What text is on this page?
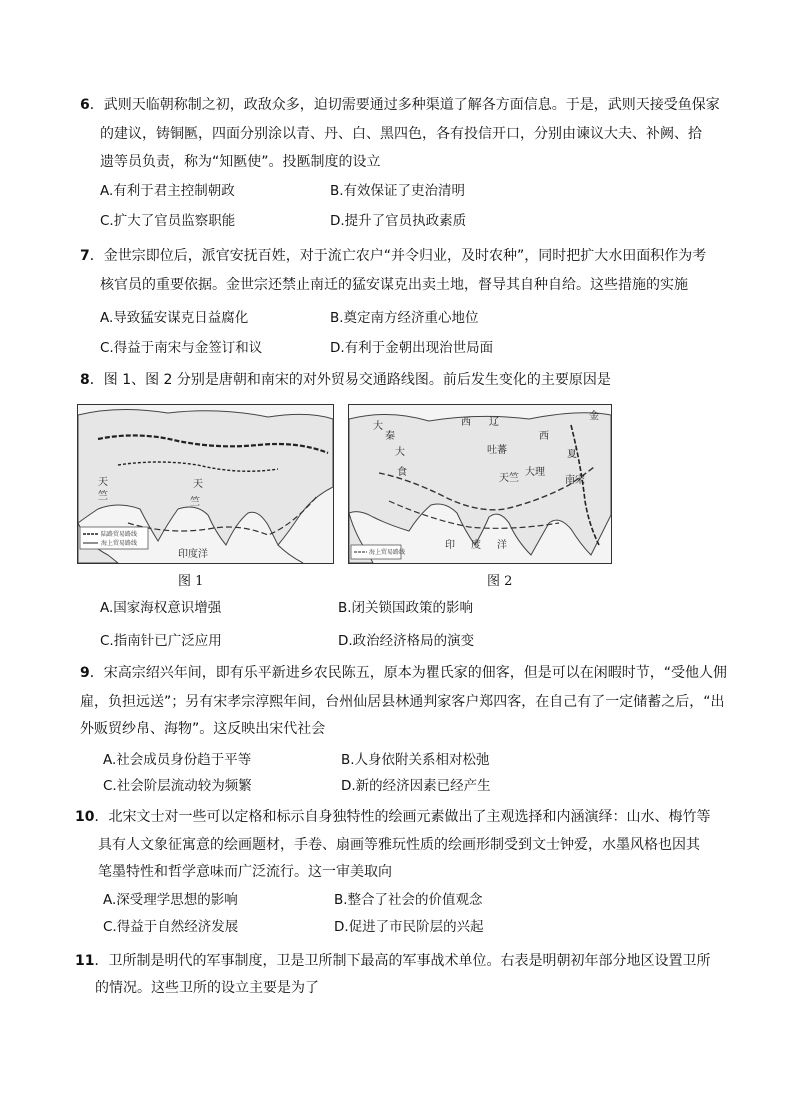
6．武则天临朝称制之初，政敌众多，迫切需要通过多种渠道了解各方面信息。于是，武则天接受鱼保家
的建议，铸铜匦，四面分别涂以青、丹、白、黑四色，各有投信开口，分别由谏议大夫、补阙、拾
遗等员负责，称为“知匦使”。投匦制度的设立
A.有利于君主控制朝政	B.有效保证了吏治清明
C.扩大了官员监察职能	D.提升了官员执政素质
7．金世宗即位后，派官安抚百姓，对于流亡农户“并令归业，及时农种”，同时把扩大水田面积作为考
核官员的重要依据。金世宗还禁止南迁的猛安谋克出卖土地，督导其自种自给。这些措施的实施
A.导致猛安谋克日益腐化	B.奠定南方经济重心地位
C.得益于南宋与金签订和议	D.有利于金朝出现治世局面
8．图 1、图 2 分别是唐朝和南宋的对外贸易交通路线图。前后发生变化的主要原因是
天
竺
印度洋
天
竺
陆路贸易路线
海上贸易路线
图 1
西 辽
金
西
夏
大
食
吐蕃
大理
南宋
天竺
印 度 洋
大
秦
海上贸易路线
图 2
A.国家海权意识增强	B.闭关锁国政策的影响
C.指南针已广泛应用	D.政治经济格局的演变
9．宋高宗绍兴年间，即有乐平新进乡农民陈五，原本为瞿氏家的佃客，但是可以在闲暇时节，“受他人佣
雇，负担远送”；另有宋孝宗淳熙年间，台州仙居县林通判家客户郑四客，在自己有了一定储蓄之后，“出
外贩贸纱帛、海物”。这反映出宋代社会
A.社会成员身份趋于平等	B.人身依附关系相对松弛
C.社会阶层流动较为频繁	D.新的经济因素已经产生
10．北宋文士对一些可以定格和标示自身独特性的绘画元素做出了主观选择和内涵演绎：山水、梅竹等
具有人文象征寓意的绘画题材，手卷、扇画等雅玩性质的绘画形制受到文士钟爱，水墨风格也因其
笔墨特性和哲学意味而广泛流行。这一审美取向
A.深受理学思想的影响	B.整合了社会的价值观念
C.得益于自然经济发展	D.促进了市民阶层的兴起
11．卫所制是明代的军事制度，卫是卫所制下最高的军事战术单位。右表是明朝初年部分地区设置卫所
的情况。这些卫所的设立主要是为了
